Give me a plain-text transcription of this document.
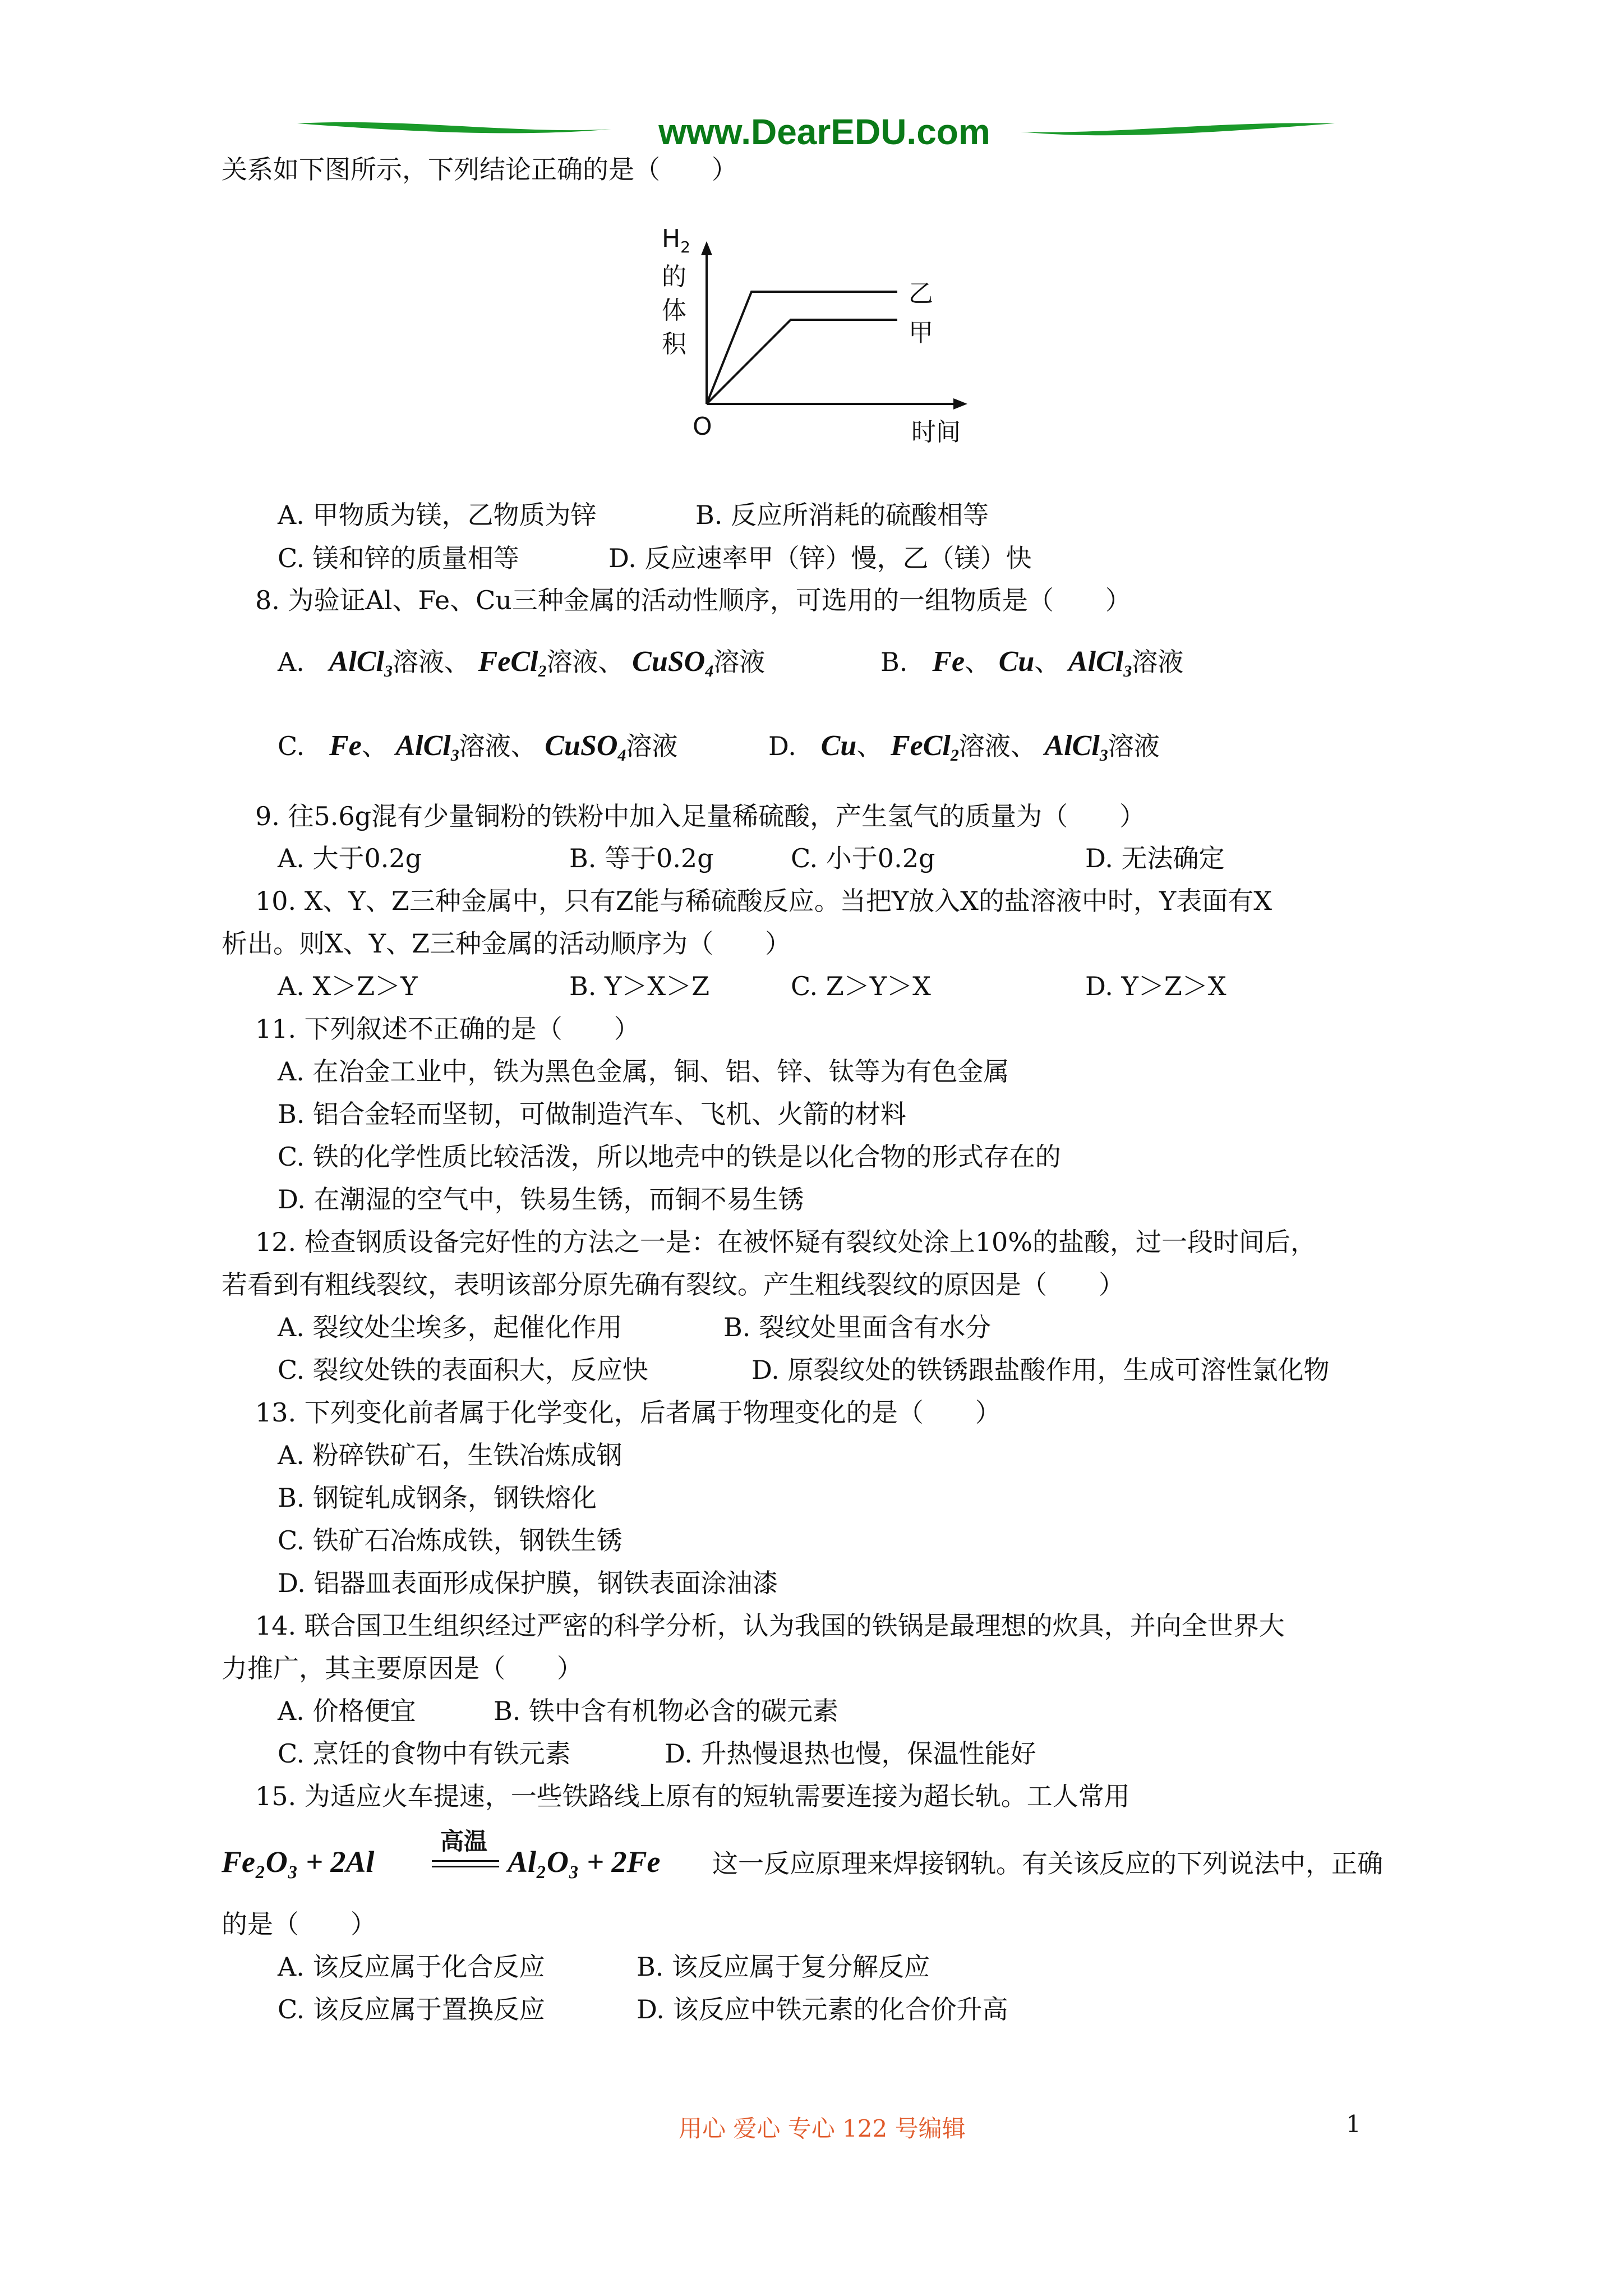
www.DearEDU.com
关系如下图所示，下列结论正确的是（　　）
$H_2$
的
体
积
O	时间
乙
甲
A. 甲物质为镁，乙物质为锌	B. 反应所消耗的硫酸相等
C. 镁和锌的质量相等	D. 反应速率甲（锌）慢，乙（镁）快
8. 为验证Al、Fe、Cu三种金属的活动性顺序，可选用的一组物质是（　　）
A. AlCl$_3$溶液、 FeCl$_2$溶液、 CuSO$_4$溶液	B. Fe、 Cu、 AlCl$_3$溶液
C. Fe、 AlCl$_3$溶液、 CuSO$_4$溶液	D. Cu、 FeCl$_2$溶液、 AlCl$_3$溶液
9. 往5.6g混有少量铜粉的铁粉中加入足量稀硫酸，产生氢气的质量为（　　）
A. 大于0.2g	B. 等于0.2g	C. 小于0.2g	D. 无法确定
10. X、Y、Z三种金属中，只有Z能与稀硫酸反应。当把Y放入X的盐溶液中时，Y表面有X
析出。则X、Y、Z三种金属的活动顺序为（　　）
A. X＞Z＞Y	B. Y＞X＞Z	C. Z＞Y＞X	D. Y＞Z＞X
11. 下列叙述不正确的是（　　）
A. 在冶金工业中，铁为黑色金属，铜、铝、锌、钛等为有色金属
B. 铝合金轻而坚韧，可做制造汽车、飞机、火箭的材料
C. 铁的化学性质比较活泼，所以地壳中的铁是以化合物的形式存在的
D. 在潮湿的空气中，铁易生锈，而铜不易生锈
12. 检查钢质设备完好性的方法之一是：在被怀疑有裂纹处涂上10%的盐酸，过一段时间后，
若看到有粗线裂纹，表明该部分原先确有裂纹。产生粗线裂纹的原因是（　　）
A. 裂纹处尘埃多，起催化作用	B. 裂纹处里面含有水分
C. 裂纹处铁的表面积大，反应快	D. 原裂纹处的铁锈跟盐酸作用，生成可溶性氯化物
13. 下列变化前者属于化学变化，后者属于物理变化的是（　　）
A. 粉碎铁矿石，生铁冶炼成钢
B. 钢锭轧成钢条，钢铁熔化
C. 铁矿石冶炼成铁，钢铁生锈
D. 铝器皿表面形成保护膜，钢铁表面涂油漆
14. 联合国卫生组织经过严密的科学分析，认为我国的铁锅是最理想的炊具，并向全世界大
力推广，其主要原因是（　　）
A. 价格便宜	B. 铁中含有机物必含的碳元素
C. 烹饪的食物中有铁元素	D. 升热慢退热也慢，保温性能好
15. 为适应火车提速，一些铁路线上原有的短轨需要连接为超长轨。工人常用
Fe₂O₃ + 2Al
高温
Al₂O₃ + 2Fe 这一反应原理来焊接钢轨。有关该反应的下列说法中，正确
的是（　　）
A. 该反应属于化合反应	B. 该反应属于复分解反应
C. 该反应属于置换反应	D. 该反应中铁元素的化合价升高
用心 爱心 专心 122 号编辑	1
